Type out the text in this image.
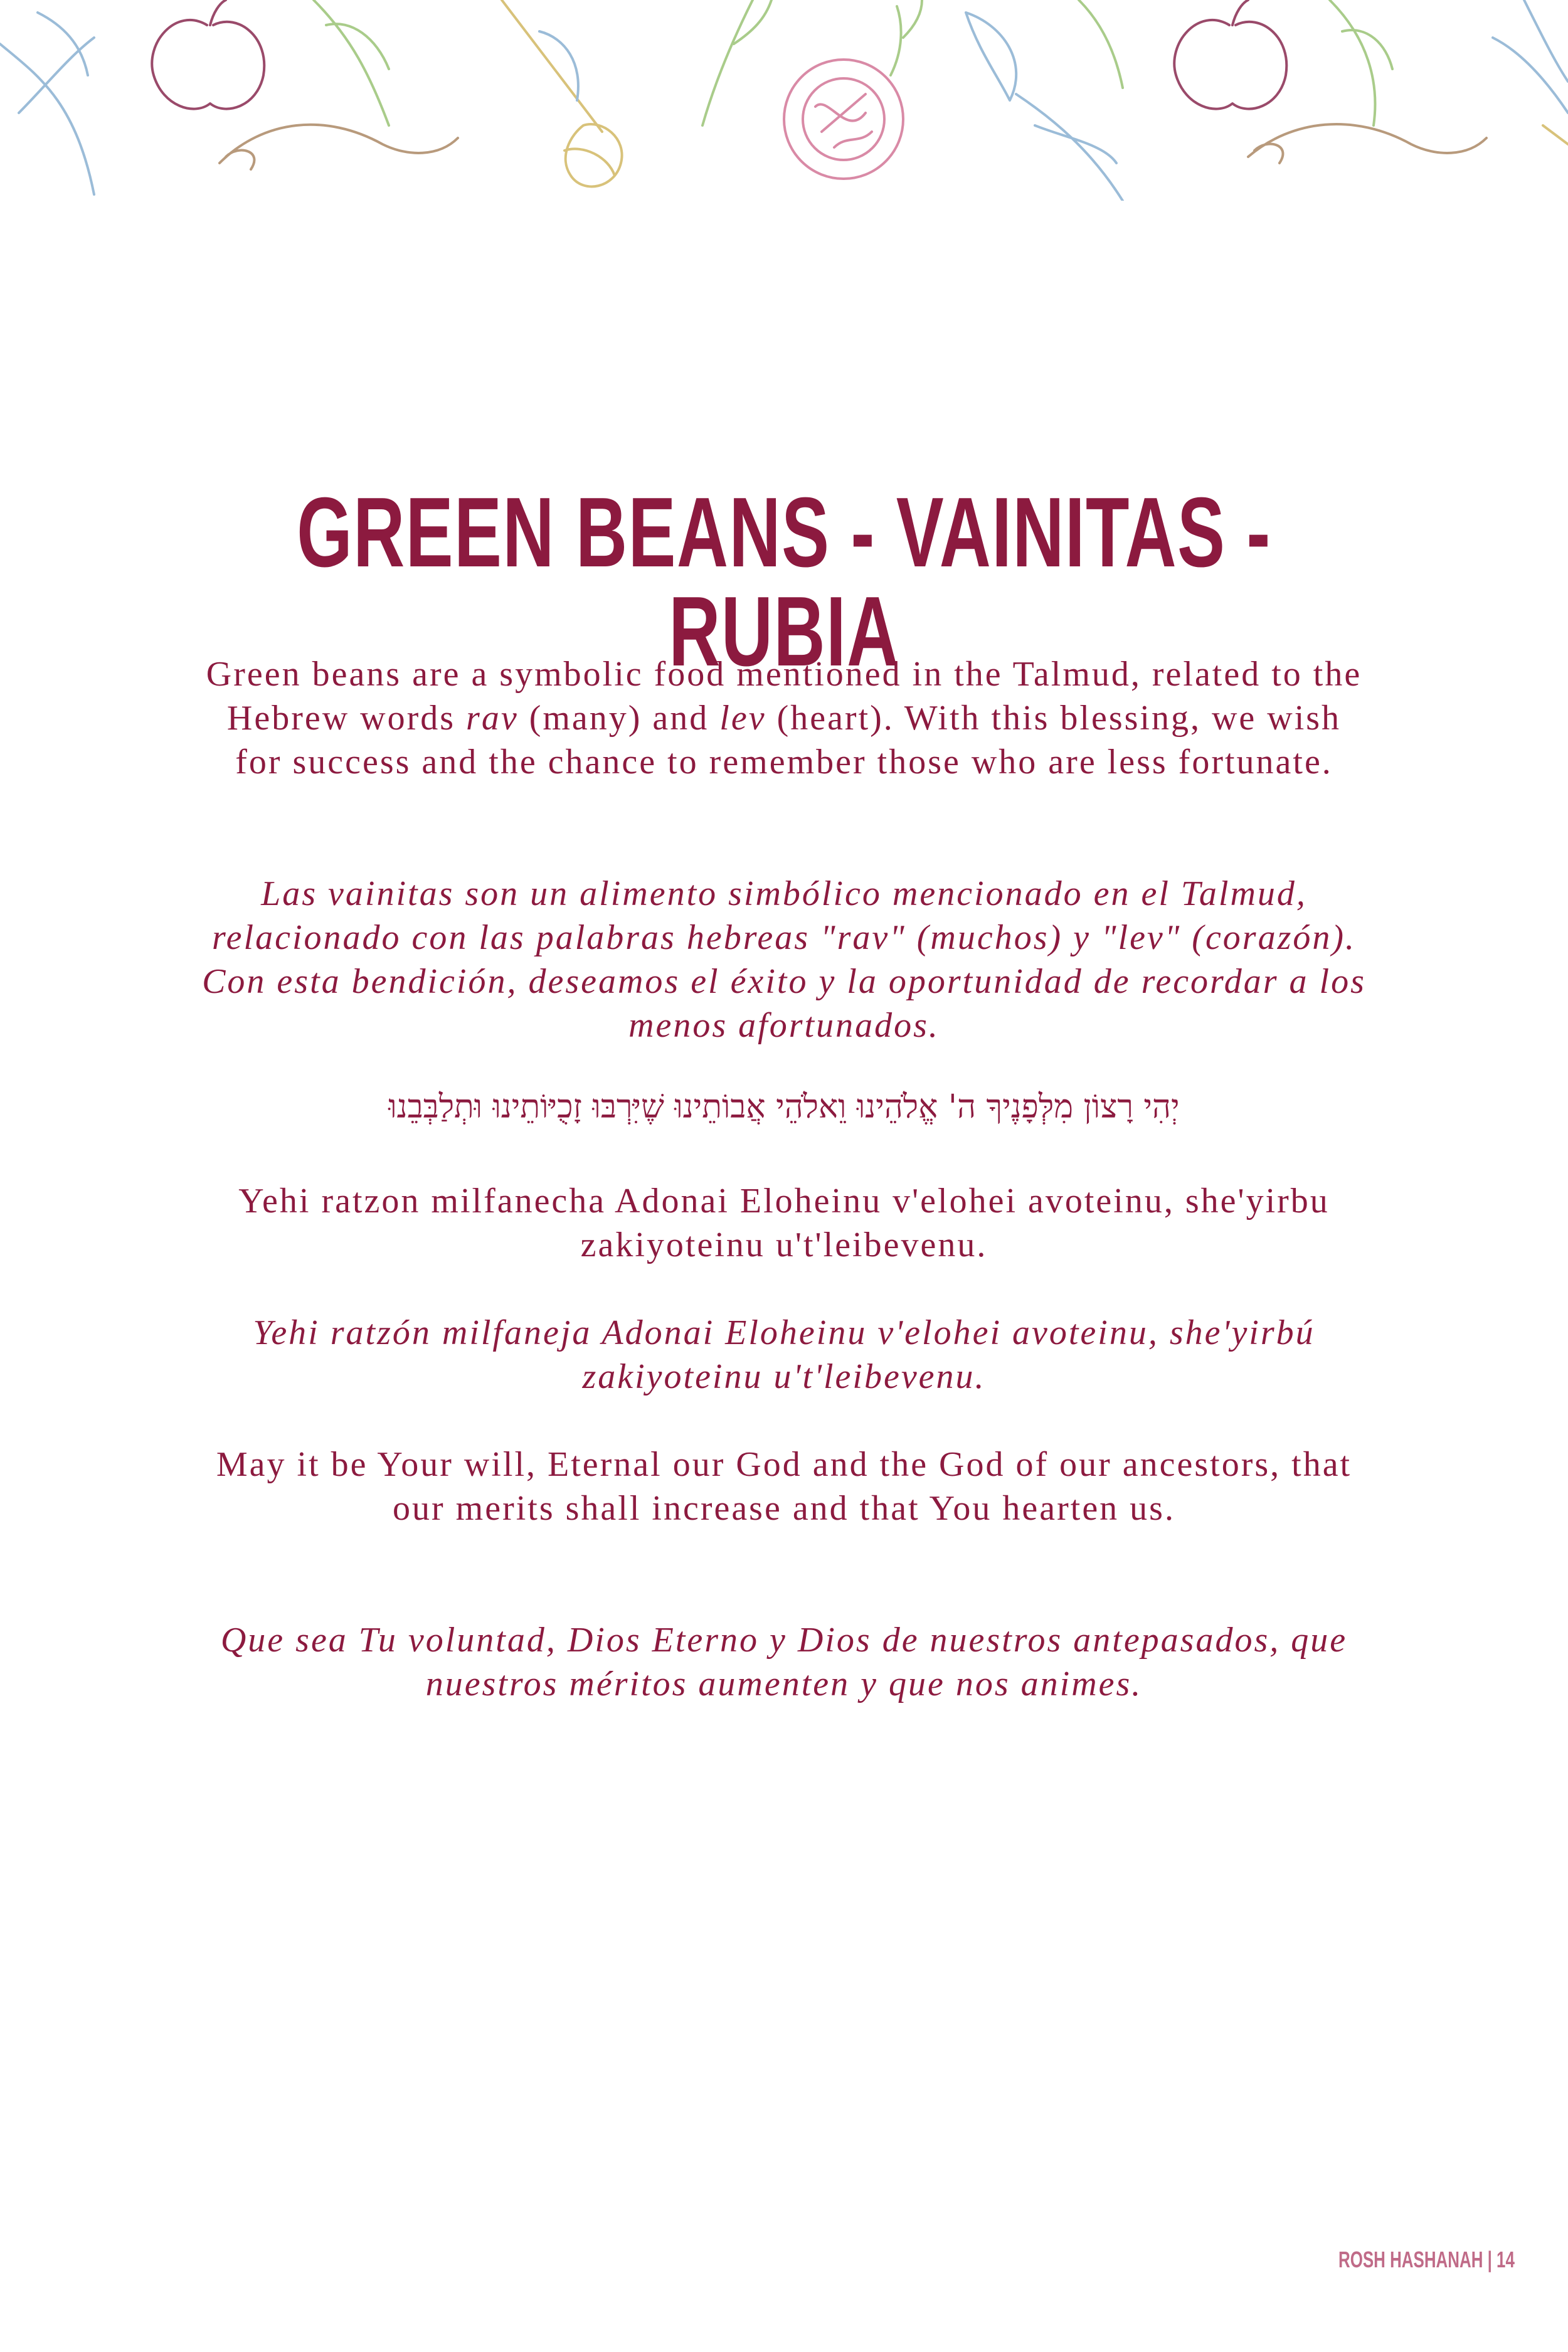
GREEN BEANS - VAINITAS - RUBIA

Green beans are a symbolic food mentioned in the Talmud, related to the Hebrew words rav (many) and lev (heart). With this blessing, we wish for success and the chance to remember those who are less fortunate.

Las vainitas son un alimento simbólico mencionado en el Talmud, relacionado con las palabras hebreas "rav" (muchos) y "lev" (corazón). Con esta bendición, deseamos el éxito y la oportunidad de recordar a los menos afortunados.

יְהִי רָצוֹן מִלְּפָנֶיךָ ה' אֱלֹהֵינוּ וֵאלֹהֵי אֲבוֹתֵינוּ שֶׁיִּרְבּוּ זָכֻיּוֹתֵינוּ וּתְלַבְּבֵנוּ

Yehi ratzon milfanecha Adonai Eloheinu v'elohei avoteinu, she'yirbu zakiyoteinu u't'leibevenu.

Yehi ratzón milfaneja Adonai Eloheinu v'elohei avoteinu, she'yirbú zakiyoteinu u't'leibevenu.

May it be Your will, Eternal our God and the God of our ancestors, that our merits shall increase and that You hearten us.

Que sea Tu voluntad, Dios Eterno y Dios de nuestros antepasados, que nuestros méritos aumenten y que nos animes.

ROSH HASHANAH | 14
